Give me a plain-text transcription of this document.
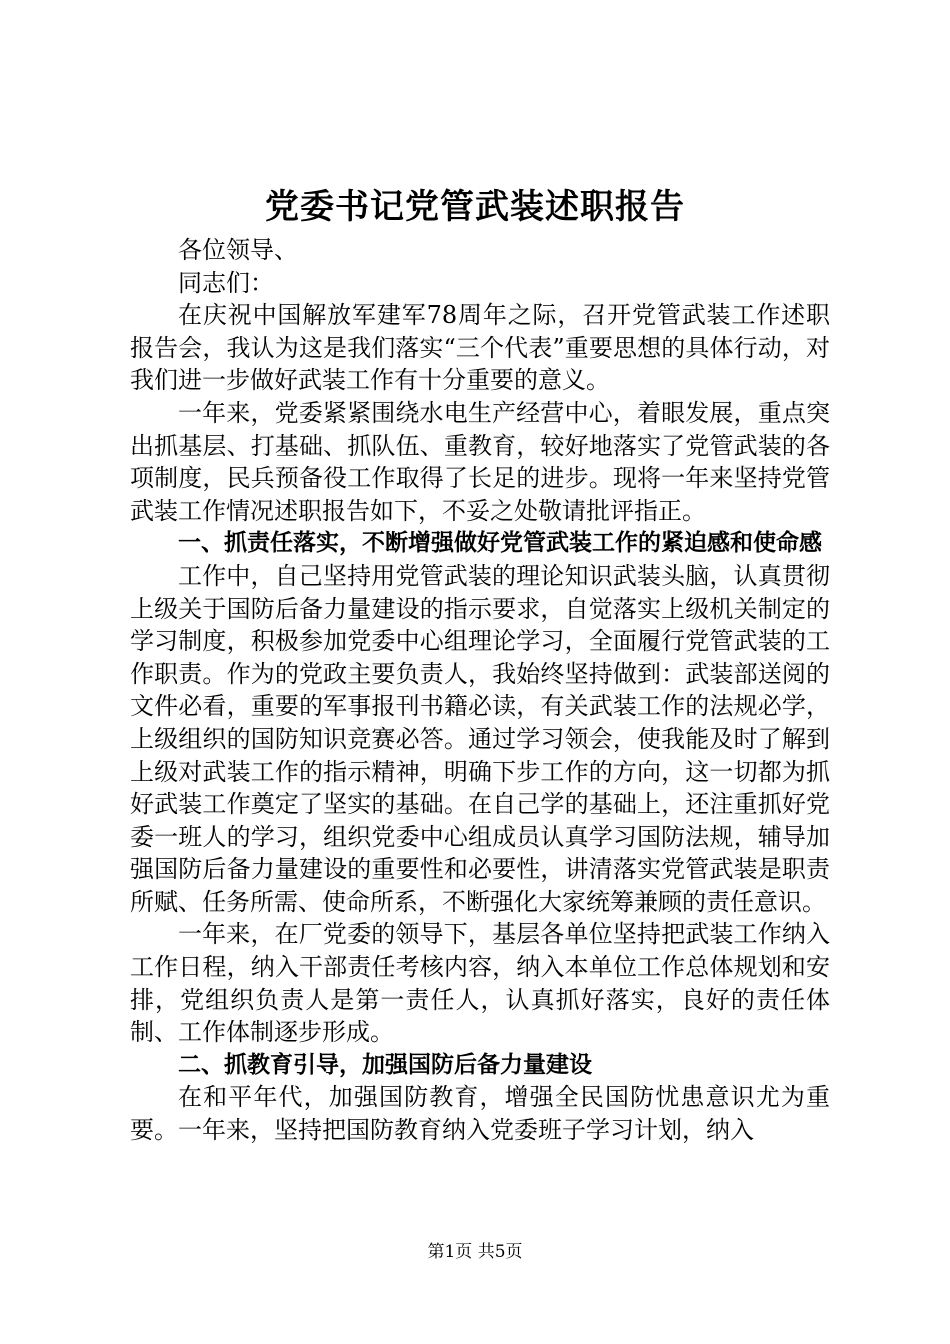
党委书记党管武装述职报告

各位领导、

同志们：

在庆祝中国解放军建军78周年之际，召开党管武装工作述职报告会，我认为这是我们落实“三个代表”重要思想的具体行动，对我们进一步做好武装工作有十分重要的意义。

一年来，党委紧紧围绕水电生产经营中心，着眼发展，重点突出抓基层、打基础、抓队伍、重教育，较好地落实了党管武装的各项制度，民兵预备役工作取得了长足的进步。现将一年来坚持党管武装工作情况述职报告如下，不妥之处敬请批评指正。

一、抓责任落实，不断增强做好党管武装工作的紧迫感和使命感

工作中，自己坚持用党管武装的理论知识武装头脑，认真贯彻上级关于国防后备力量建设的指示要求，自觉落实上级机关制定的学习制度，积极参加党委中心组理论学习，全面履行党管武装的工作职责。作为的党政主要负责人，我始终坚持做到：武装部送阅的文件必看，重要的军事报刊书籍必读，有关武装工作的法规必学，上级组织的国防知识竞赛必答。通过学习领会，使我能及时了解到上级对武装工作的指示精神，明确下步工作的方向，这一切都为抓好武装工作奠定了坚实的基础。在自己学的基础上，还注重抓好党委一班人的学习，组织党委中心组成员认真学习国防法规，辅导加强国防后备力量建设的重要性和必要性，讲清落实党管武装是职责所赋、任务所需、使命所系，不断强化大家统筹兼顾的责任意识。

一年来，在厂党委的领导下，基层各单位坚持把武装工作纳入工作日程，纳入干部责任考核内容，纳入本单位工作总体规划和安排，党组织负责人是第一责任人，认真抓好落实，良好的责任体制、工作体制逐步形成。

二、抓教育引导，加强国防后备力量建设

在和平年代，加强国防教育，增强全民国防忧患意识尤为重要。一年来，坚持把国防教育纳入党委班子学习计划，纳入

第1页 共5页
